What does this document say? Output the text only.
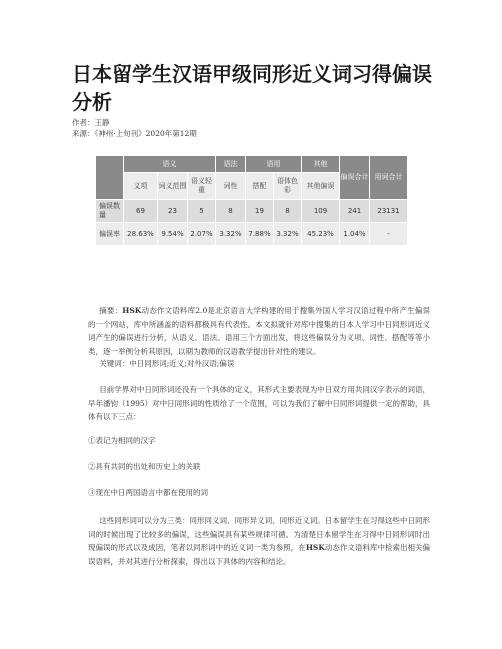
日本留学生汉语甲级同形近义词习得偏误分析
作者：王静
来源：《神州·上旬刊》2020年第12期
	语义			语法	语用		其他	偏误合计	用词合计
	义项	词义范围	语义轻重	词性	搭配	语体色彩	其他偏误		
偏误数量	69	23	5	8	19	8	109	241	23131
偏误率	28.63%	9.54%	2.07%	3.32%	7.88%	3.32%	45.23%	1.04%	-

摘要：HSK动态作文语料库2.0是北京语言大学构建的用于搜集外国人学习汉语过程中所产生偏误的一个网站，库中所涵盖的语料都极具有代表性。本文拟就针对库中搜集的日本人学习中日同形词近义词产生的偏误进行分析，从语义、语法、语用三个方面出发，将这些偏误分为义项、词性、搭配等等小类，逐一举例分析其原因，以期为教师的汉语教学提出针对性的建议。

关键词：中日同形词;近义;对外汉语;偏误

目前学界对中日同形词还没有一个具体的定义，其形式主要表现为中日双方用共同汉字表示的词语，早年潘钧（1995）对中日同形词的性质给了一个范围，可以为我们了解中日同形词提供一定的帮助，具体有以下三点：

①表记为相同的汉字
②具有共同的出处和历史上的关联
③现在中日两国语言中都在使用的词

这些同形词可以分为三类：同形同义词、同形异义词、同形近义词。日本留学生在习得这些中日同形词的时候出现了比较多的偏误，这些偏误具有某些规律可循。为清楚日本留学生在习得中日同形词时出现偏误的形式以及成因，笔者以同形词中的近义词一类为参照，在HSK动态作文语料库中检索出相关偏误语料，并对其进行分析探索，得出以下具体的内容和结论。
